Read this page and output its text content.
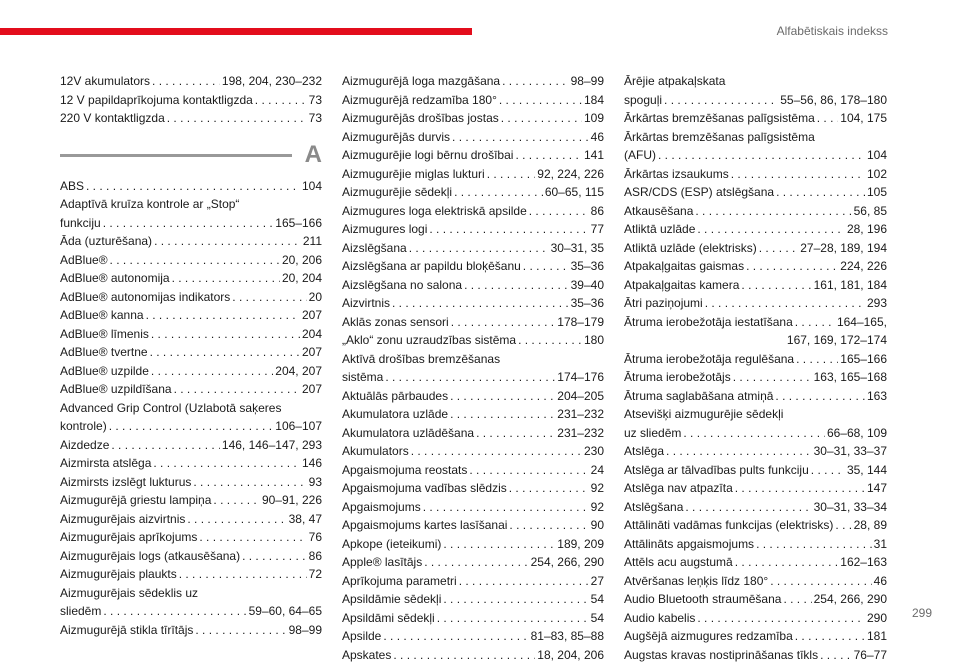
Alfabētiskais indekss
12V akumulators . . .	198, 204, 230–232
12 V papildaprīkojuma kontaktligzda . . .	73
220 V kontaktligzda . . .	73
A
ABS . . .	104
Adaptīvā kruīza kontrole ar „Stop“
funkciju . . .	165–166
Āda (uzturēšana) . . .	211
AdBlue® . . .	20, 206
AdBlue® autonomija . . .	20, 204
AdBlue® autonomijas indikators . . .	20
AdBlue® kanna . . .	207
AdBlue® līmenis . . .	204
AdBlue® tvertne . . .	207
AdBlue® uzpilde . . .	204, 207
AdBlue® uzpildīšana . . .	207
Advanced Grip Control (Uzlabotā saķeres
kontrole) . . .	106–107
Aizdedze . . .	146, 146–147, 293
Aizmirsta atslēga . . .	146
Aizmirsts izslēgt lukturus . . .	93
Aizmugurējā griestu lampiņa . . .	90–91, 226
Aizmugurējais aizvirtnis . . .	38, 47
Aizmugurējais aprīkojums . . .	76
Aizmugurējais logs (atkausēšana) . . .	86
Aizmugurējais plaukts . . .	72
Aizmugurējais sēdeklis uz
sliedēm . . .	59–60, 64–65
Aizmugurējā stikla tīrītājs . . .	98–99
Aizmugurējā loga mazgāšana . . .	98–99
Aizmugurējā redzamība 180° . . .	184
Aizmugurējās drošības jostas . . .	109
Aizmugurējās durvis . . .	46
Aizmugurējie logi bērnu drošībai . . .	141
Aizmugurējie miglas lukturi . . .	92, 224, 226
Aizmugurējie sēdekļi . . .	60–65, 115
Aizmugures loga elektriskā apsilde . . .	86
Aizmugures logi . . .	77
Aizslēgšana . . .	30–31, 35
Aizslēgšana ar papildu bloķēšanu . . .	35–36
Aizslēgšana no salona . . .	39–40
Aizvirtnis . . .	35–36
Aklās zonas sensori . . .	178–179
„Aklo“ zonu uzraudzības sistēma . . .	180
Aktīvā drošības bremzēšanas
sistēma . . .	174–176
Aktuālās pārbaudes . . .	204–205
Akumulatora uzlāde . . .	231–232
Akumulatora uzlādēšana . . .	231–232
Akumulators . . .	230
Apgaismojuma reostats . . .	24
Apgaismojuma vadības slēdzis . . .	92
Apgaismojums . . .	92
Apgaismojums kartes lasīšanai . . .	90
Apkope (ieteikumi) . . .	189, 209
Apple® lasītājs . . .	254, 266, 290
Aprīkojuma parametri . . .	27
Apsildāmie sēdekļi . . .	54
Apsildāmi sēdekļi . . .	54
Apsilde . . .	81–83, 85–88
Apskates . . .	18, 204, 206
Ārējie atpakaļskata
spoguļi . . .	55–56, 86, 178–180
Ārkārtas bremzēšanas palīgsistēma . . . 104, 175
Ārkārtas bremzēšanas palīgsistēma
(AFU) . . .	104
Ārkārtas izsaukums . . .	102
ASR/CDS (ESP) atslēgšana . . .	105
Atkausēšana . . .	56, 85
Atliktā uzlāde . . .	28, 196
Atliktā uzlāde (elektrisks) . . .	27–28, 189, 194
Atpakaļgaitas gaismas . . .	224, 226
Atpakaļgaitas kamera . . .	161, 181, 184
Ātri paziņojumi . . .	293
Ātruma ierobežotāja iestatīšana . . .	164–165,
167, 169, 172–174
Ātruma ierobežotāja regulēšana . . .	165–166
Ātruma ierobežotājs . . .	163, 165–168
Ātruma saglabāšana atmiņā . . .	163
Atsevišķi aizmugurējie sēdekļi
uz sliedēm . . .	66–68, 109
Atslēga . . .	30–31, 33–37
Atslēga ar tālvadības pults funkciju . . .	35, 144
Atslēga nav atpazīta . . .	147
Atslēgšana . . .	30–31, 33–34
Attālināti vadāmas funkcijas (elektrisks) . . . 28, 89
Attālināts apgaismojums . . .	31
Attēls acu augstumā . . .	162–163
Atvēršanas leņķis līdz 180° . . .	46
Audio Bluetooth straumēšana . . .	254, 266, 290
Audio kabelis . . .	290
Augšējā aizmugures redzamība . . .	181
Augstas kravas nostiprināšanas tīkls . . .	76–77
299
